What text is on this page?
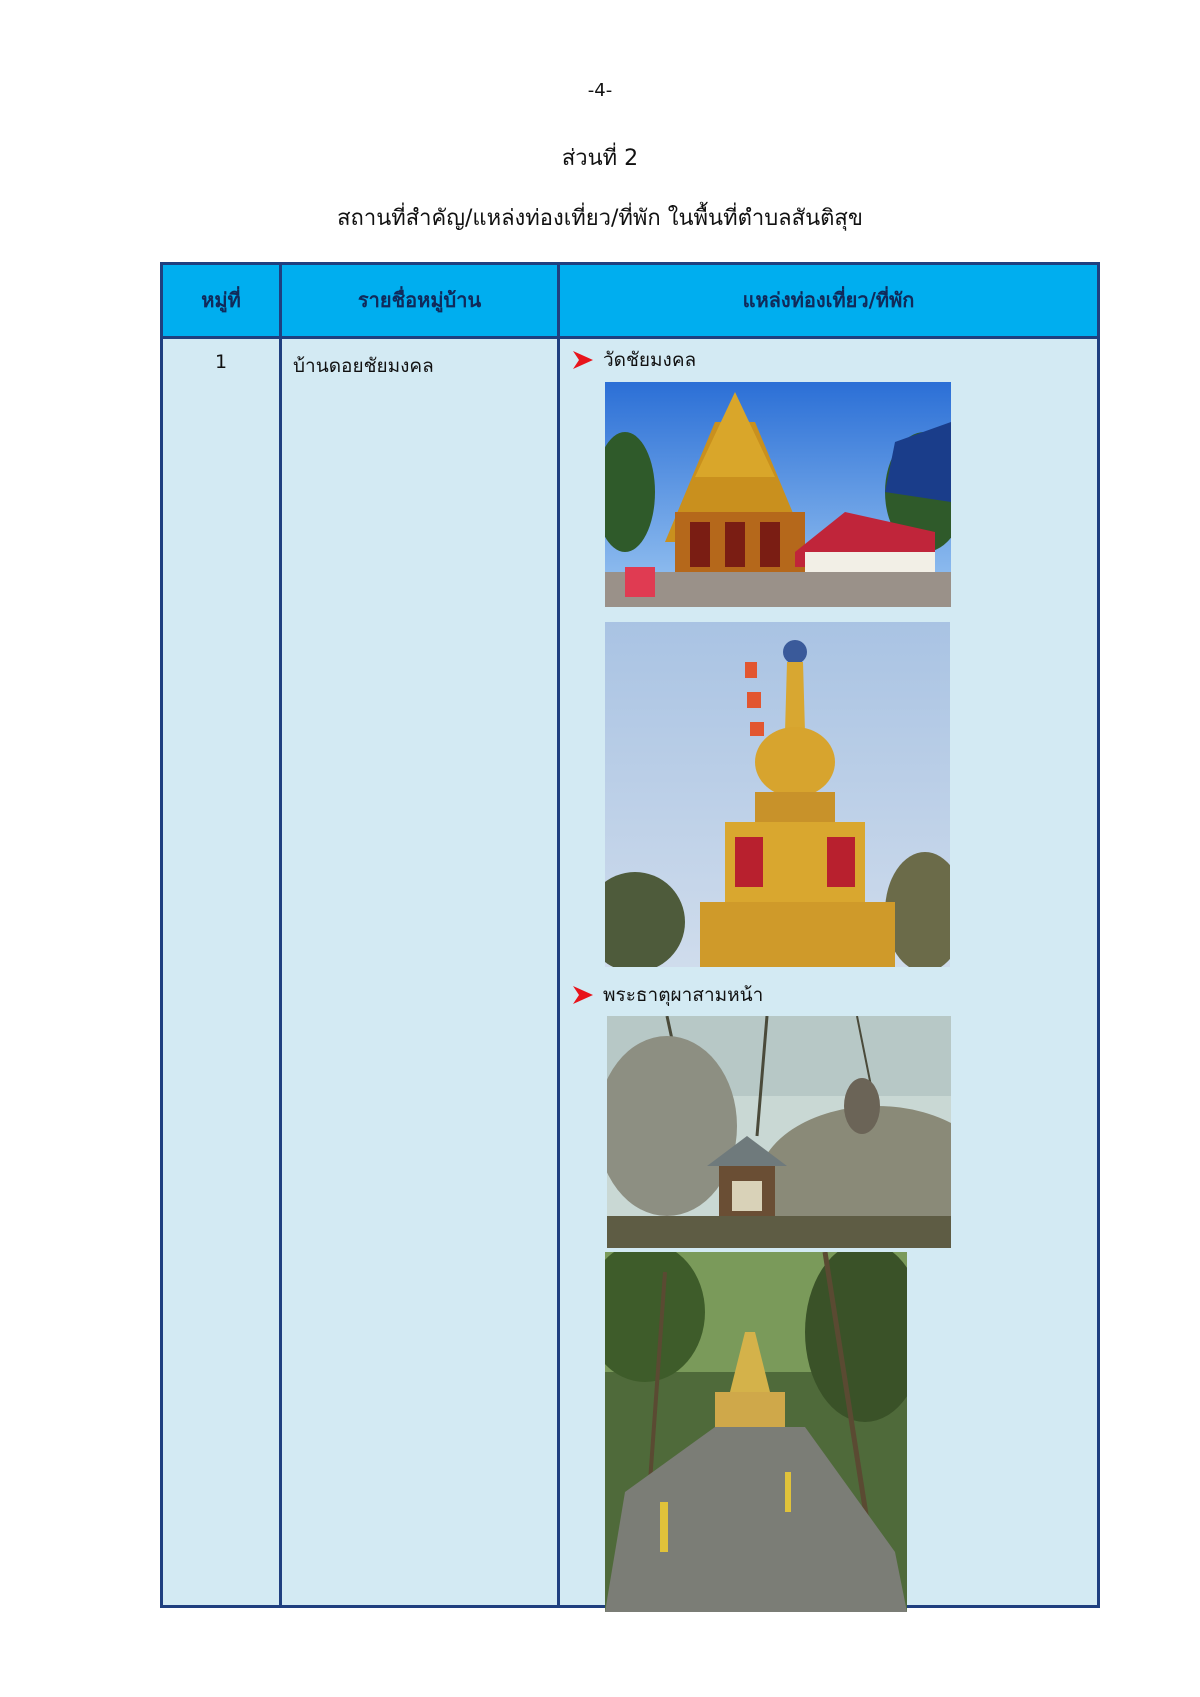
-4-
ส่วนที่ 2
สถานที่สำคัญ/แหล่งท่องเที่ยว/ที่พัก ในพื้นที่ตำบลสันติสุข
หมู่ที่	รายชื่อหมู่บ้าน	แหล่งท่องเที่ยว/ที่พัก
1	บ้านดอยชัยมงคล	วัดชัยมงคล
พระธาตุผาสามหน้า
